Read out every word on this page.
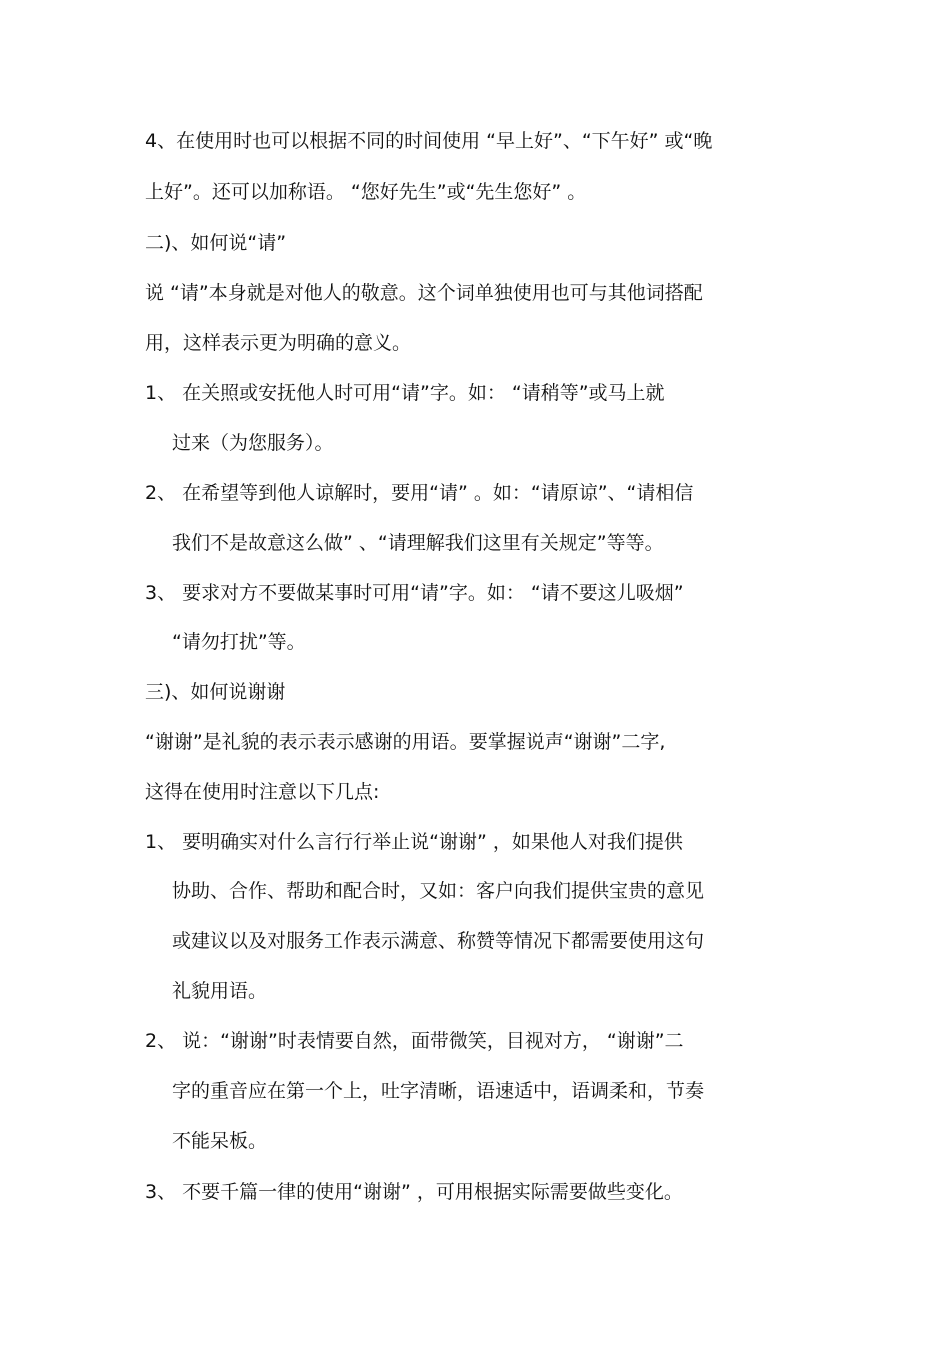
4、在使用时也可以根据不同的时间使用 “早上好”、“下午好” 或“晚

上好”。还可以加称语。 “您好先生”或“先生您好” 。

二)、如何说“请”

说 “请”本身就是对他人的敬意。这个词单独使用也可与其他词搭配

用，这样表示更为明确的意义。

1、 在关照或安抚他人时可用“请”字。如： “请稍等”或马上就

过来（为您服务）。

2、 在希望等到他人谅解时，要用“请” 。如：“请原谅”、“请相信

我们不是故意这么做” 、“请理解我们这里有关规定”等等。

3、 要求对方不要做某事时可用“请”字。如： “请不要这儿吸烟”

“请勿打扰”等。

三)、如何说谢谢

“谢谢”是礼貌的表示表示感谢的用语。要掌握说声“谢谢”二字,

这得在使用时注意以下几点:

1、 要明确实对什么言行行举止说“谢谢” ，如果他人对我们提供

协助、合作、帮助和配合时，又如：客户向我们提供宝贵的意见

或建议以及对服务工作表示满意、称赞等情况下都需要使用这句

礼貌用语。

2、 说：“谢谢”时表情要自然，面带微笑，目视对方， “谢谢”二

字的重音应在第一个上，吐字清晰，语速适中，语调柔和，节奏

不能呆板。

3、 不要千篇一律的使用“谢谢” ，可用根据实际需要做些变化。
